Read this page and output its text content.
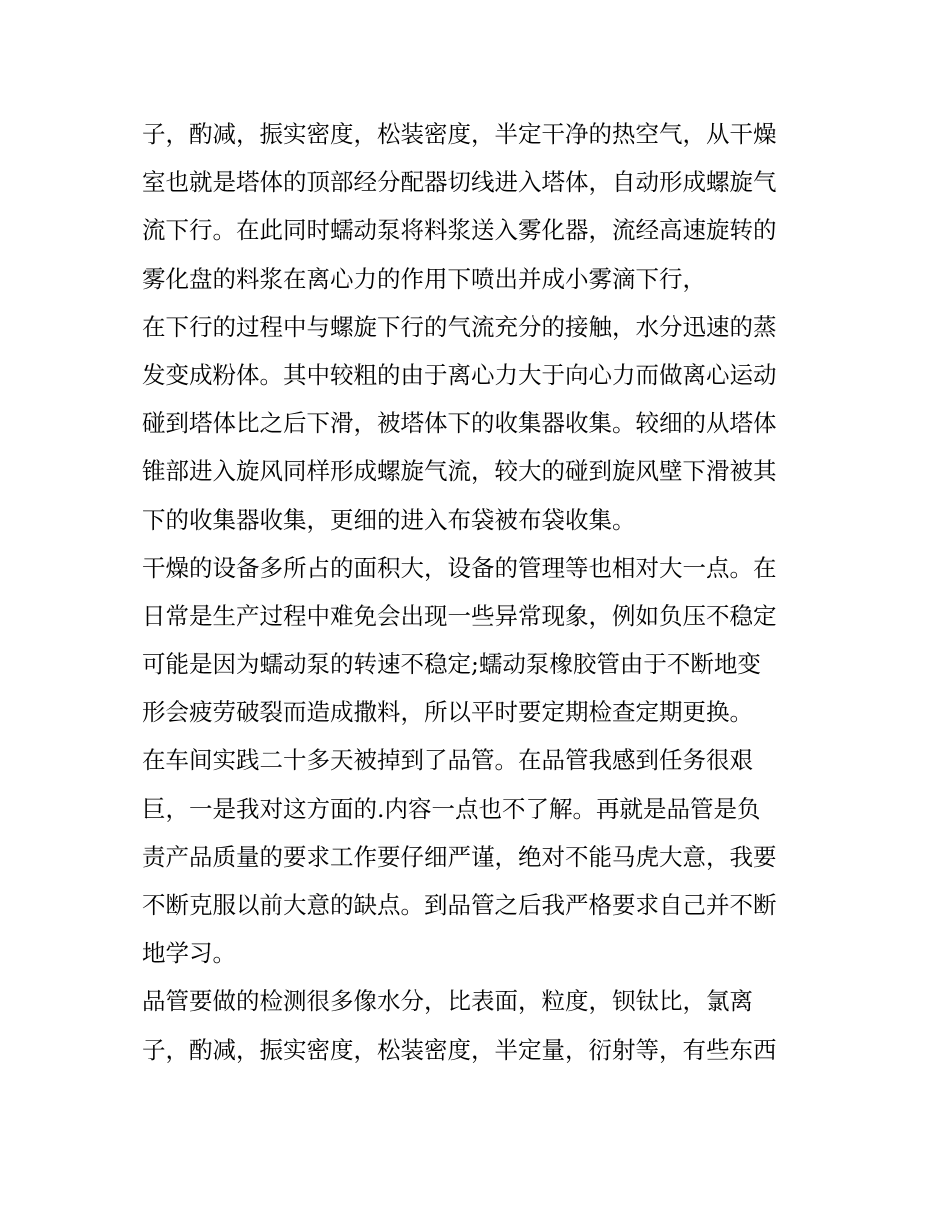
子，酌减，振实密度，松装密度，半定干净的热空气，从干燥
室也就是塔体的顶部经分配器切线进入塔体，自动形成螺旋气
流下行。在此同时蠕动泵将料浆送入雾化器，流经高速旋转的
雾化盘的料浆在离心力的作用下喷出并成小雾滴下行，

在下行的过程中与螺旋下行的气流充分的接触，水分迅速的蒸
发变成粉体。其中较粗的由于离心力大于向心力而做离心运动
碰到塔体比之后下滑，被塔体下的收集器收集。较细的从塔体
锥部进入旋风同样形成螺旋气流，较大的碰到旋风壁下滑被其
下的收集器收集，更细的进入布袋被布袋收集。

干燥的设备多所占的面积大，设备的管理等也相对大一点。在
日常是生产过程中难免会出现一些异常现象，例如负压不稳定
可能是因为蠕动泵的转速不稳定;蠕动泵橡胶管由于不断地变
形会疲劳破裂而造成撒料，所以平时要定期检查定期更换。

在车间实践二十多天被掉到了品管。在品管我感到任务很艰
巨，一是我对这方面的.内容一点也不了解。再就是品管是负
责产品质量的要求工作要仔细严谨，绝对不能马虎大意，我要
不断克服以前大意的缺点。到品管之后我严格要求自己并不断
地学习。

品管要做的检测很多像水分，比表面，粒度，钡钛比，氯离
子，酌减，振实密度，松装密度，半定量，衍射等，有些东西
